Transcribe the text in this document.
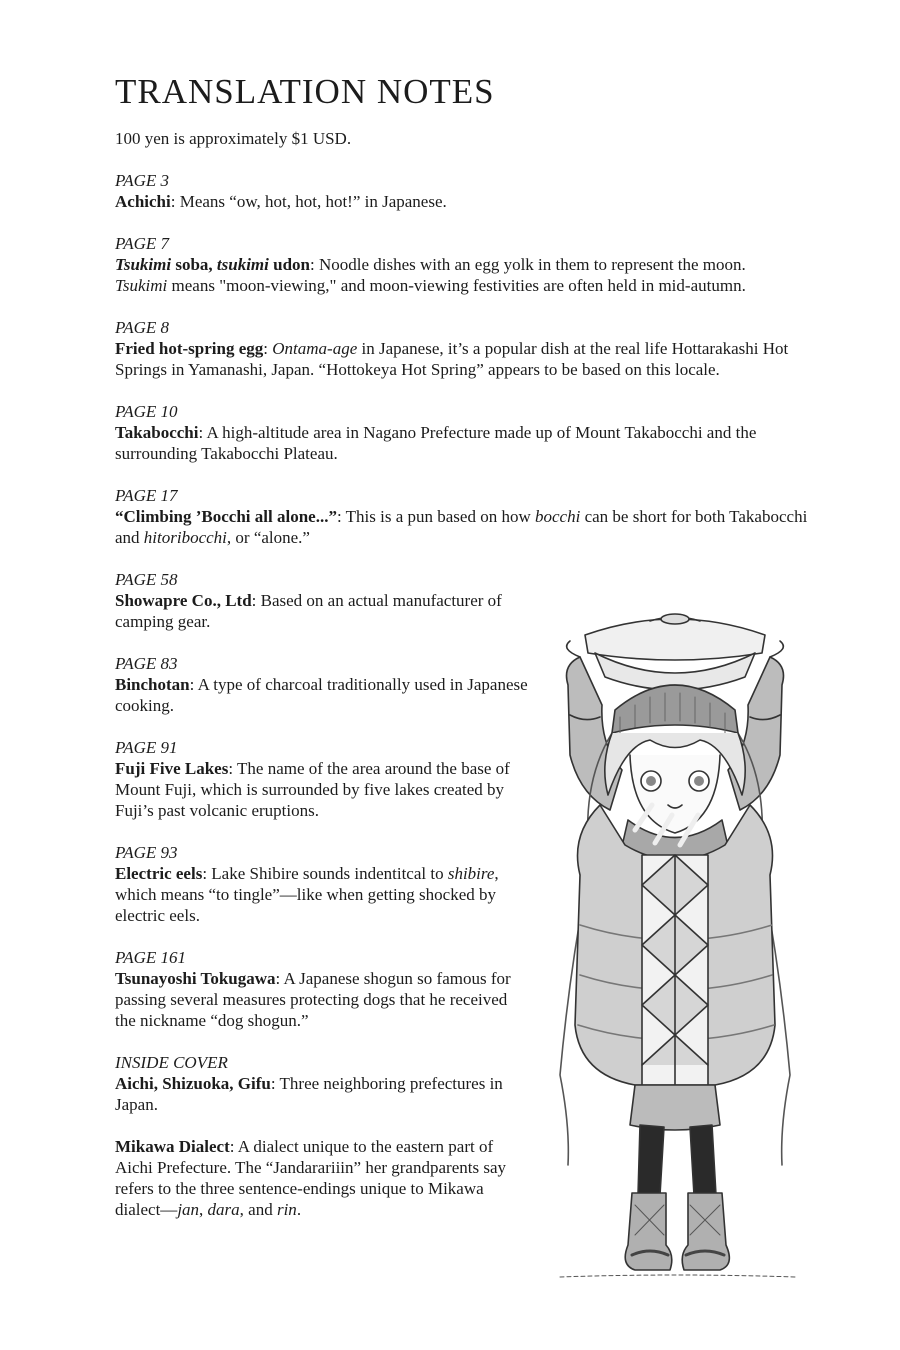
TRANSLATION NOTES
100 yen is approximately $1 USD.
PAGE 3
Achichi: Means “ow, hot, hot, hot!” in Japanese.
PAGE 7
Tsukimi soba, tsukimi udon: Noodle dishes with an egg yolk in them to represent the moon.
Tsukimi means "moon-viewing," and moon-viewing festivities are often held in mid-autumn.
PAGE 8
Fried hot-spring egg: Ontama-age in Japanese, it’s a popular dish at the real life Hottarakashi Hot Springs in Yamanashi, Japan. “Hottokeya Hot Spring” appears to be based on this locale.
PAGE 10
Takabocchi: A high-altitude area in Nagano Prefecture made up of Mount Takabocchi and the surrounding Takabocchi Plateau.
PAGE 17
“Climbing ’Bocchi all alone...”: This is a pun based on how bocchi can be short for both Takabocchi and hitoribocchi, or “alone.”
PAGE 58
Showapre Co., Ltd: Based on an actual manufacturer of camping gear.
PAGE 83
Binchotan: A type of charcoal traditionally used in Japanese cooking.
PAGE 91
Fuji Five Lakes: The name of the area around the base of Mount Fuji, which is surrounded by five lakes created by Fuji’s past volcanic eruptions.
PAGE 93
Electric eels: Lake Shibire sounds indentitcal to shibire, which means “to tingle”—like when getting shocked by electric eels.
PAGE 161
Tsunayoshi Tokugawa: A Japanese shogun so famous for passing several measures protecting dogs that he received the nickname “dog shogun.”
INSIDE COVER
Aichi, Shizuoka, Gifu: Three neighboring prefectures in Japan.
Mikawa Dialect: A dialect unique to the eastern part of Aichi Prefecture. The “Jandarariiin” her grandparents say refers to the three sentence-endings unique to Mikawa dialect—jan, dara, and rin.
